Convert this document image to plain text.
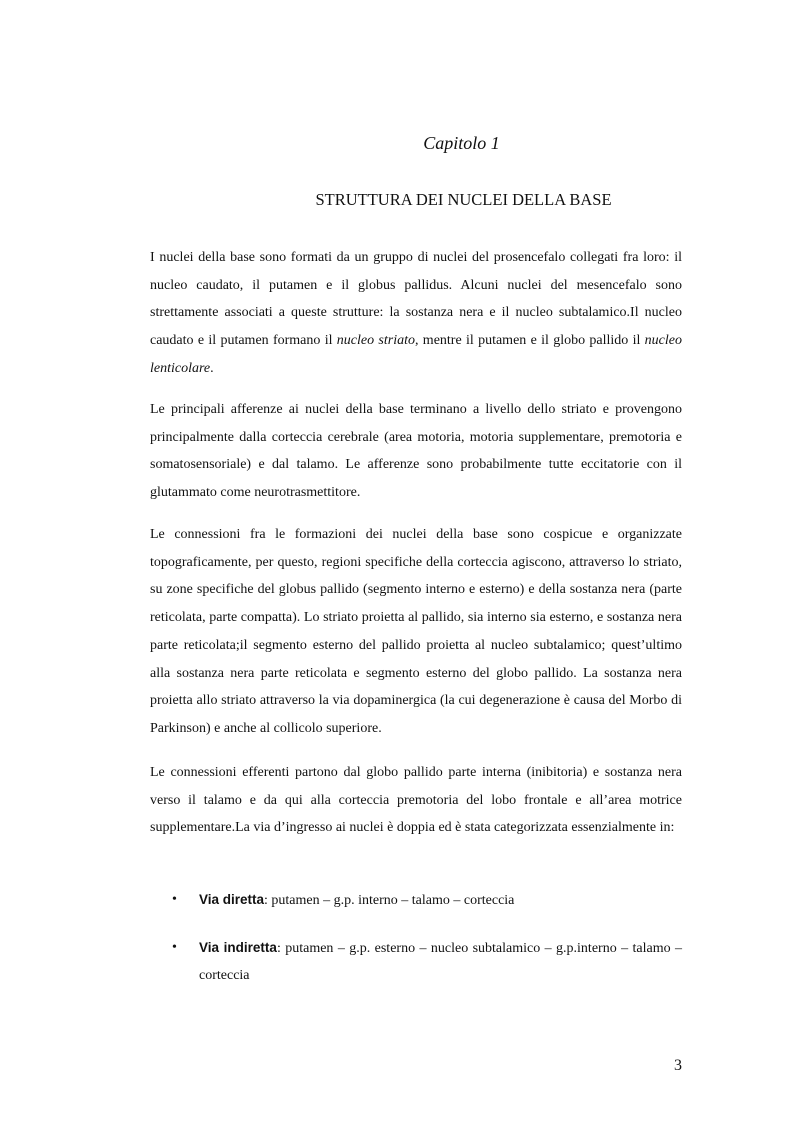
Capitolo 1
STRUTTURA DEI NUCLEI DELLA BASE

I nuclei della base sono formati da un gruppo di nuclei del prosencefalo collegati fra loro: il nucleo caudato, il putamen e il globus pallidus. Alcuni nuclei del mesencefalo sono strettamente associati a queste strutture: la sostanza nera e il nucleo subtalamico.Il nucleo caudato e il putamen formano il nucleo striato, mentre il putamen e il globo pallido il nucleo lenticolare.

Le principali afferenze ai nuclei della base terminano a livello dello striato e provengono principalmente dalla corteccia cerebrale (area motoria, motoria supplementare, premotoria e somatosensoriale) e dal talamo. Le afferenze sono probabilmente tutte eccitatorie con il glutammato come neurotrasmettitore.

Le connessioni fra le formazioni dei nuclei della base sono cospicue e organizzate topograficamente, per questo, regioni specifiche della corteccia agiscono, attraverso lo striato, su zone specifiche del globus pallido (segmento interno e esterno) e della sostanza nera (parte reticolata, parte compatta). Lo striato proietta al pallido, sia interno sia esterno, e sostanza nera parte reticolata;il segmento esterno del pallido proietta al nucleo subtalamico; quest’ultimo alla sostanza nera parte reticolata e segmento esterno del globo pallido. La sostanza nera proietta allo striato attraverso la via dopaminergica (la cui degenerazione è causa del Morbo di Parkinson) e anche al collicolo superiore.

Le connessioni efferenti partono dal globo pallido parte interna (inibitoria) e sostanza nera verso il talamo e da qui alla corteccia premotoria del lobo frontale e all’area motrice supplementare.La via d’ingresso ai nuclei è doppia ed è stata categorizzata essenzialmente in:

• Via diretta: putamen – g.p. interno – talamo – corteccia
• Via indiretta: putamen – g.p. esterno – nucleo subtalamico – g.p.interno – talamo – corteccia
3
